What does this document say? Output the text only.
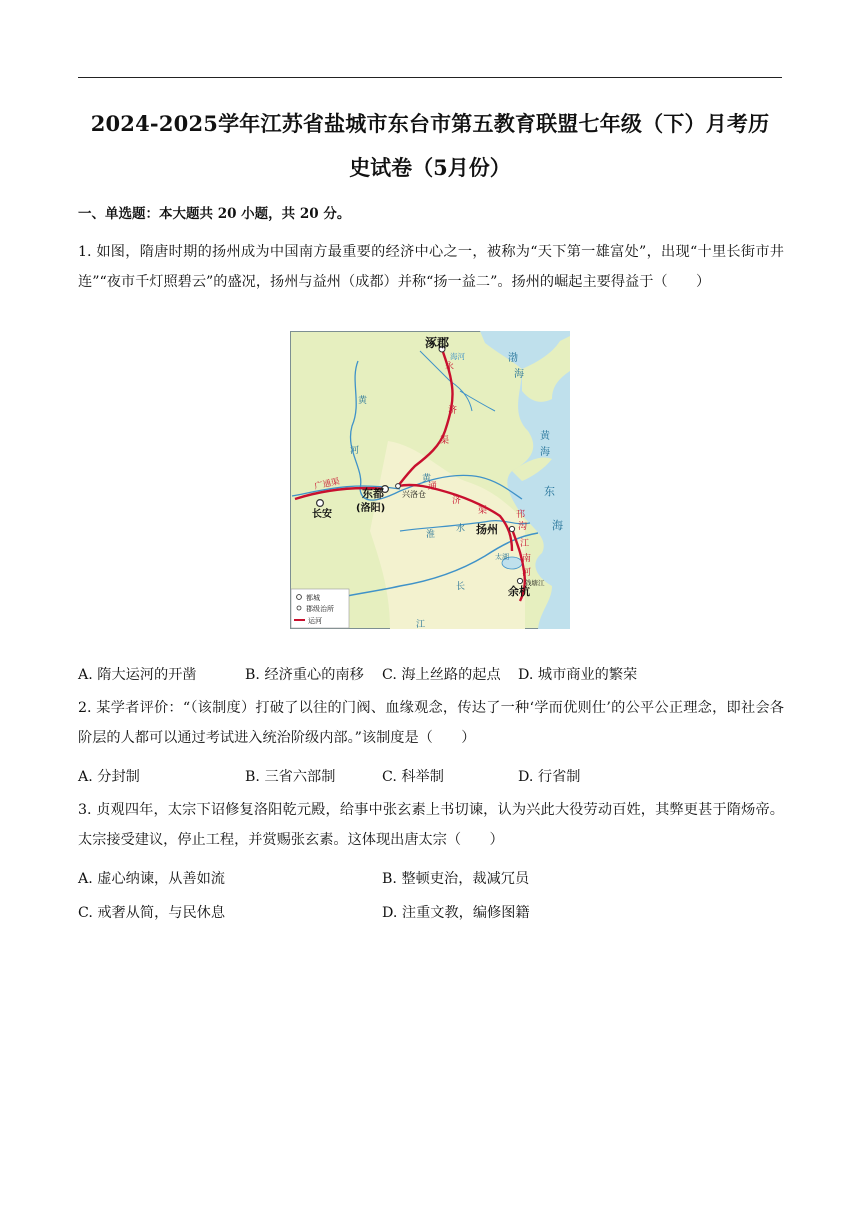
2024-2025学年江苏省盐城市东台市第五教育联盟七年级（下）月考历
史试卷（5月份）
一、单选题：本大题共 20 小题，共 20 分。

1. 如图，隋唐时期的扬州成为中国南方最重要的经济中心之一，被称为“天下第一雄富处”，出现“十里长街市井连”“夜市千灯照碧云”的盛况，扬州与益州（成都）并称“扬一益二”。扬州的崛起主要得益于（　　）

涿郡
海河	渤
海
永
济
渠
黄
河
黄
黄
海
东
海
广通渠
东都
(洛阳)
兴洛仓
长安
通
济
渠
淮
水 扬州
邗
沟
江
南
河
太湖
钱塘江
余杭
长
江
都城
郡级治所
运河
A. 隋大运河的开凿	B. 经济重心的南移 C. 海上丝路的起点 D. 城市商业的繁荣

2. 某学者评价：“（该制度）打破了以往的门阀、血缘观念，传达了一种‘学而优则仕’的公平公正理念，即社会各阶层的人都可以通过考试进入统治阶级内部。”该制度是（　　）

A. 分封制	B. 三省六部制	C. 科举制	D. 行省制

3. 贞观四年，太宗下诏修复洛阳乾元殿，给事中张玄素上书切谏，认为兴此大役劳动百姓，其弊更甚于隋炀帝。太宗接受建议，停止工程，并赏赐张玄素。这体现出唐太宗（　　）

A. 虚心纳谏，从善如流	B. 整顿吏治，裁减冗员
C. 戒奢从简，与民休息	D. 注重文教，编修图籍
